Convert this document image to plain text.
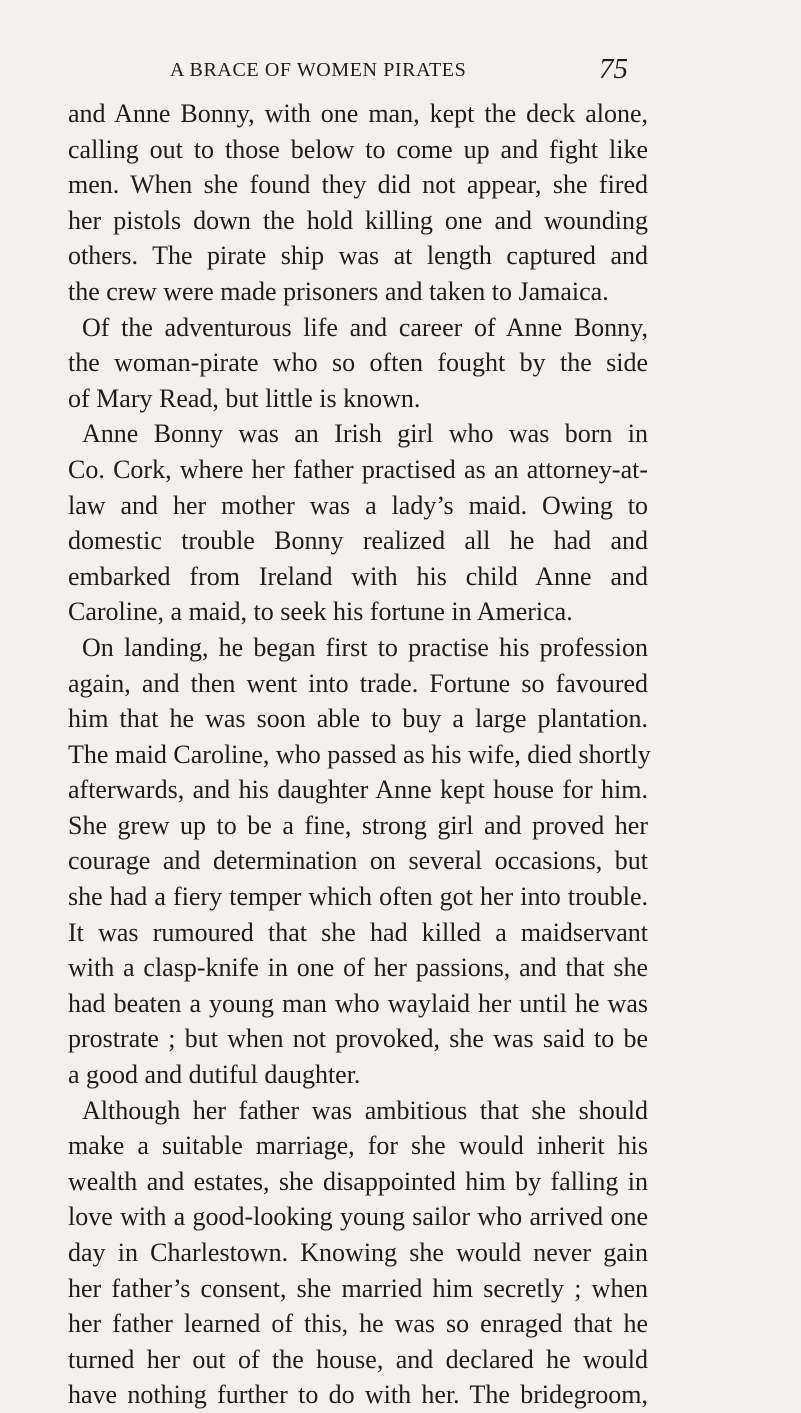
A BRACE OF WOMEN PIRATES	75
and Anne Bonny, with one man, kept the deck alone,
calling out to those below to come up and fight like
men. When she found they did not appear, she fired
her pistols down the hold killing one and wounding
others. The pirate ship was at length captured and
the crew were made prisoners and taken to Jamaica.
Of the adventurous life and career of Anne Bonny,
the woman-pirate who so often fought by the side
of Mary Read, but little is known.
Anne Bonny was an Irish girl who was born in
Co. Cork, where her father practised as an attorney-at-
law and her mother was a lady’s maid. Owing to
domestic trouble Bonny realized all he had and
embarked from Ireland with his child Anne and
Caroline, a maid, to seek his fortune in America.
On landing, he began first to practise his profession
again, and then went into trade. Fortune so favoured
him that he was soon able to buy a large plantation.
The maid Caroline, who passed as his wife, died shortly
afterwards, and his daughter Anne kept house for him.
She grew up to be a fine, strong girl and proved her
courage and determination on several occasions, but
she had a fiery temper which often got her into trouble.
It was rumoured that she had killed a maidservant
with a clasp-knife in one of her passions, and that she
had beaten a young man who waylaid her until he was
prostrate ; but when not provoked, she was said to be
a good and dutiful daughter.
Although her father was ambitious that she should
make a suitable marriage, for she would inherit his
wealth and estates, she disappointed him by falling in
love with a good-looking young sailor who arrived one
day in Charlestown. Knowing she would never gain
her father’s consent, she married him secretly ; when
her father learned of this, he was so enraged that he
turned her out of the house, and declared he would
have nothing further to do with her. The bridegroom,
